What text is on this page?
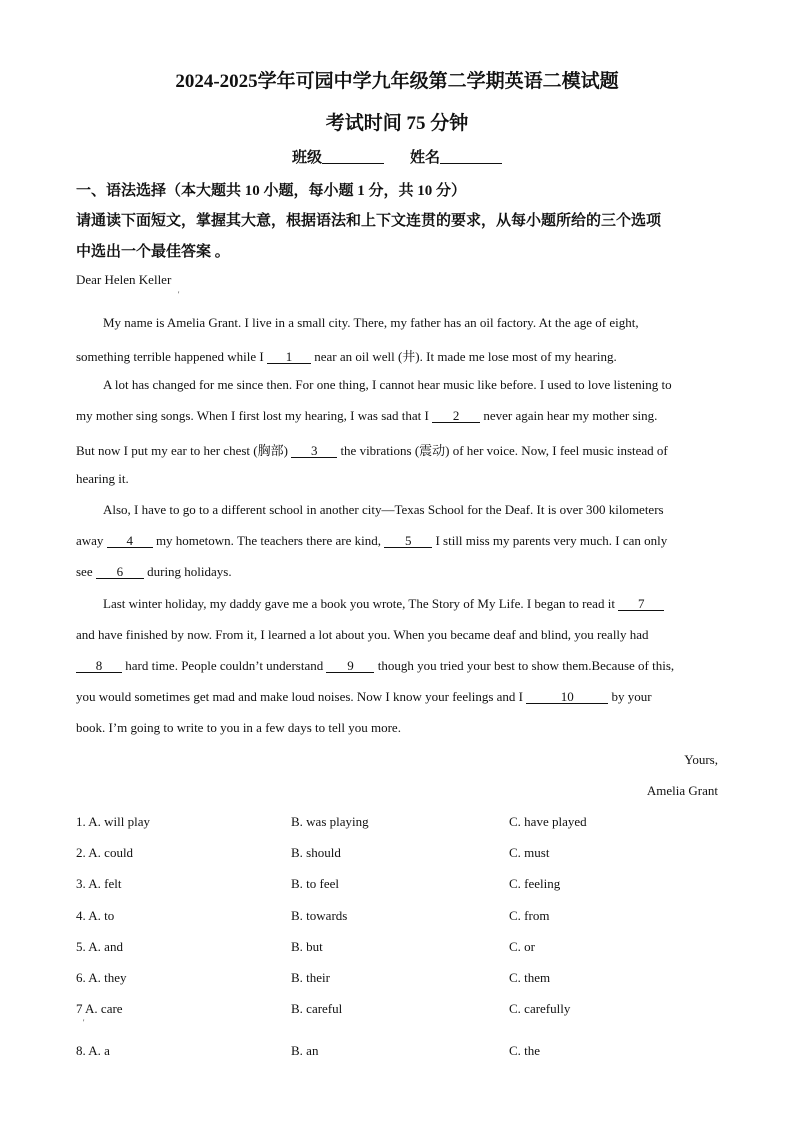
2024-2025学年可园中学九年级第二学期英语二模试题
考试时间 75 分钟
班级	姓名
一、语法选择（本大题共 10 小题，每小题 1 分，共 10 分）
请通读下面短文，掌握其大意，根据语法和上下文连贯的要求，从每小题所给的三个选项
中选出一个最佳答案 。
Dear Helen Keller
'
My name is Amelia Grant. I live in a small city. There, my father has an oil factory. At the age of eight,
something terrible happened while I 1 near an oil well (井). It made me lose most of my hearing.
A lot has changed for me since then. For one thing, I cannot hear music like before. I used to love listening to
my mother sing songs. When I first lost my hearing, I was sad that I 2 never again hear my mother sing.
But now I put my ear to her chest (胸部) 3 the vibrations (震动) of her voice. Now, I feel music instead of
hearing it.
Also, I have to go to a different school in another city—Texas School for the Deaf. It is over 300 kilometers
away 4 my hometown. The teachers there are kind, 5 I still miss my parents very much. I can only
see 6 during holidays.
Last winter holiday, my daddy gave me a book you wrote, The Story of My Life. I began to read it 7
and have finished by now. From it, I learned a lot about you. When you became deaf and blind, you really had
8 hard time. People couldn’t understand 9 though you tried your best to show them.Because of this,
you would sometimes get mad and make loud noises. Now I know your feelings and I	10	by your
book. I’m going to write to you in a few days to tell you more.
Yours,
Amelia Grant
1. A. will play	B. was playing	C. have played
2. A. could	B. should	C. must
3. A. felt	B. to feel	C. feeling
4. A. to	B. towards	C. from
5. A. and	B. but	C. or
6. A. they	B. their	C. them
7 A. care	B. careful	C. carefully
'
8. A. a	B. an	C. the
